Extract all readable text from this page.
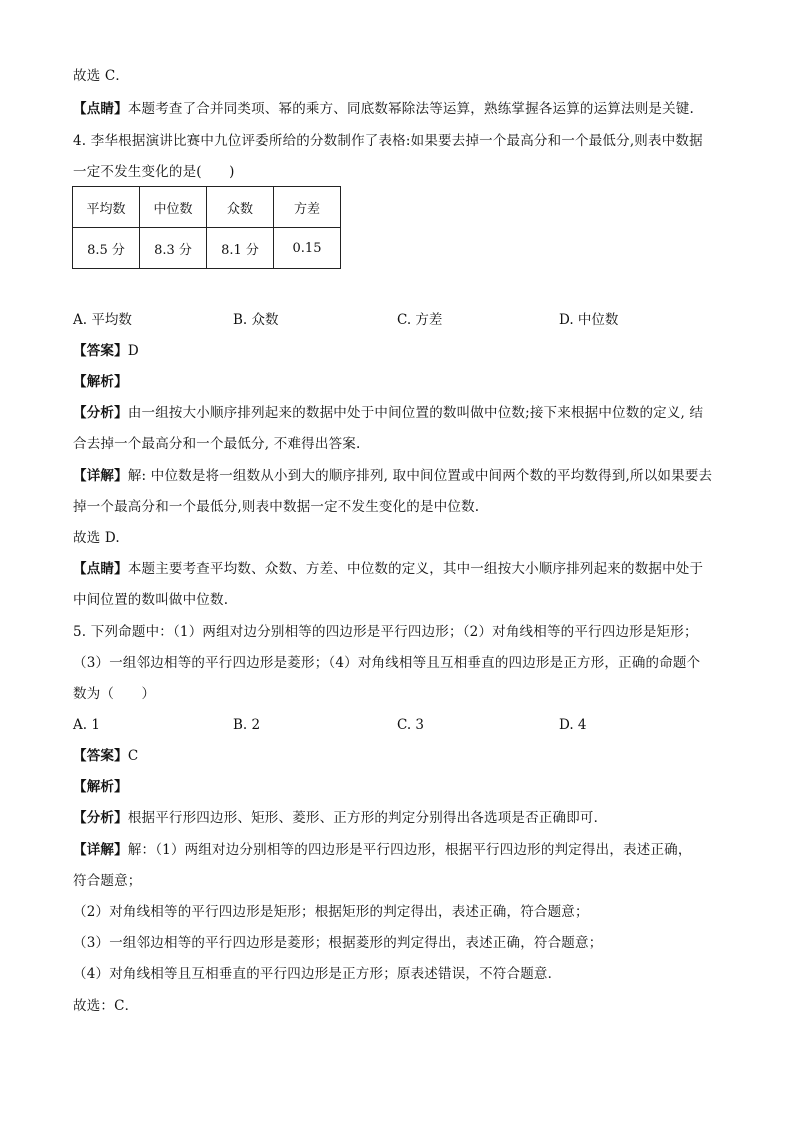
故选 C．
【点睛】本题考查了合并同类项、幂的乘方、同底数幂除法等运算，熟练掌握各运算的运算法则是关键.
4. 李华根据演讲比赛中九位评委所给的分数制作了表格:如果要去掉一个最高分和一个最低分,则表中数据
一定不发生变化的是(　　)
平均数	中位数	众数	方差
8.5 分	8.3 分	8.1 分	0.15
A. 平均数	B. 众数	C. 方差	D. 中位数
【答案】D
【解析】
【分析】由一组按大小顺序排列起来的数据中处于中间位置的数叫做中位数;接下来根据中位数的定义, 结
合去掉一个最高分和一个最低分, 不难得出答案.
【详解】解: 中位数是将一组数从小到大的顺序排列, 取中间位置或中间两个数的平均数得到,所以如果要去
掉一个最高分和一个最低分,则表中数据一定不发生变化的是中位数.
故选 D.
【点睛】本题主要考查平均数、众数、方差、中位数的定义，其中一组按大小顺序排列起来的数据中处于
中间位置的数叫做中位数.
5. 下列命题中：（1）两组对边分别相等的四边形是平行四边形；（2）对角线相等的平行四边形是矩形；
（3）一组邻边相等的平行四边形是菱形；（4）对角线相等且互相垂直的四边形是正方形，正确的命题个
数为（　　）
A. 1	B. 2	C. 3	D. 4
【答案】C
【解析】
【分析】根据平行形四边形、矩形、菱形、正方形的判定分别得出各选项是否正确即可．
【详解】解：（1）两组对边分别相等的四边形是平行四边形，根据平行四边形的判定得出，表述正确，
符合题意；
（2）对角线相等的平行四边形是矩形；根据矩形的判定得出，表述正确，符合题意；
（3）一组邻边相等的平行四边形是菱形；根据菱形的判定得出，表述正确，符合题意；
（4）对角线相等且互相垂直的平行四边形是正方形；原表述错误，不符合题意．
故选：C．
